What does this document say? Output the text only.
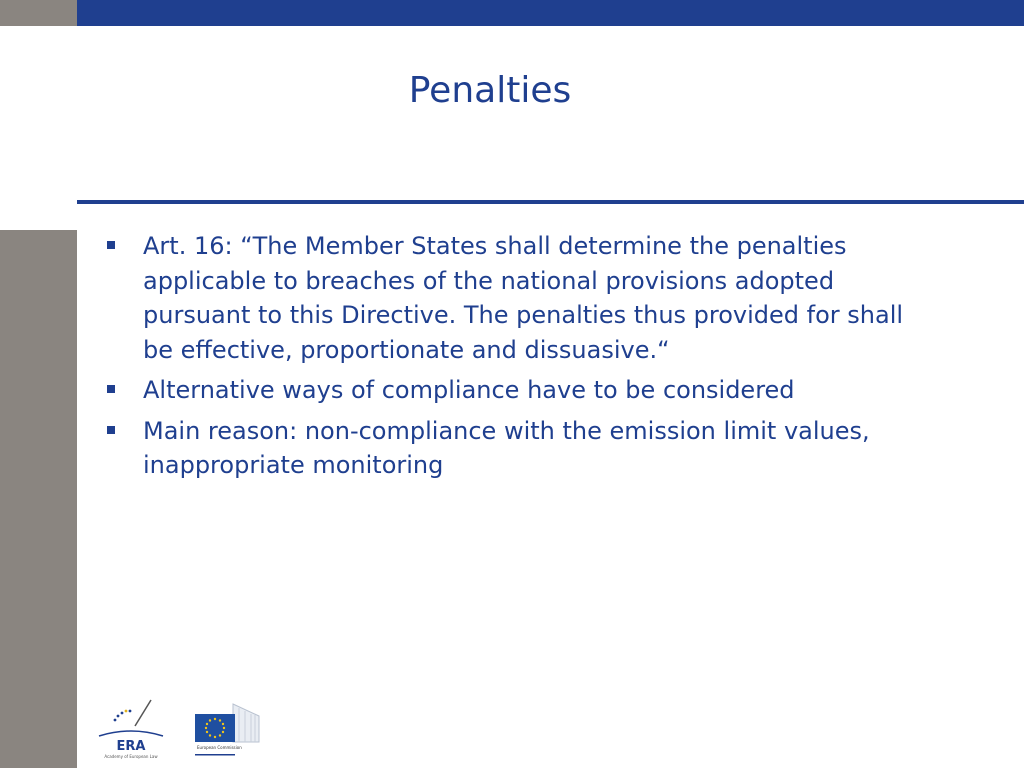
Penalties
Art. 16: “The Member States shall determine the penalties applicable to breaches of the national provisions adopted pursuant to this Directive. The penalties thus provided for shall be effective, proportionate and dissuasive.“
Alternative ways of compliance have to be considered
Main reason: non-compliance with the emission limit values, inappropriate monitoring
ERA
Academy of European Law
European Commission
